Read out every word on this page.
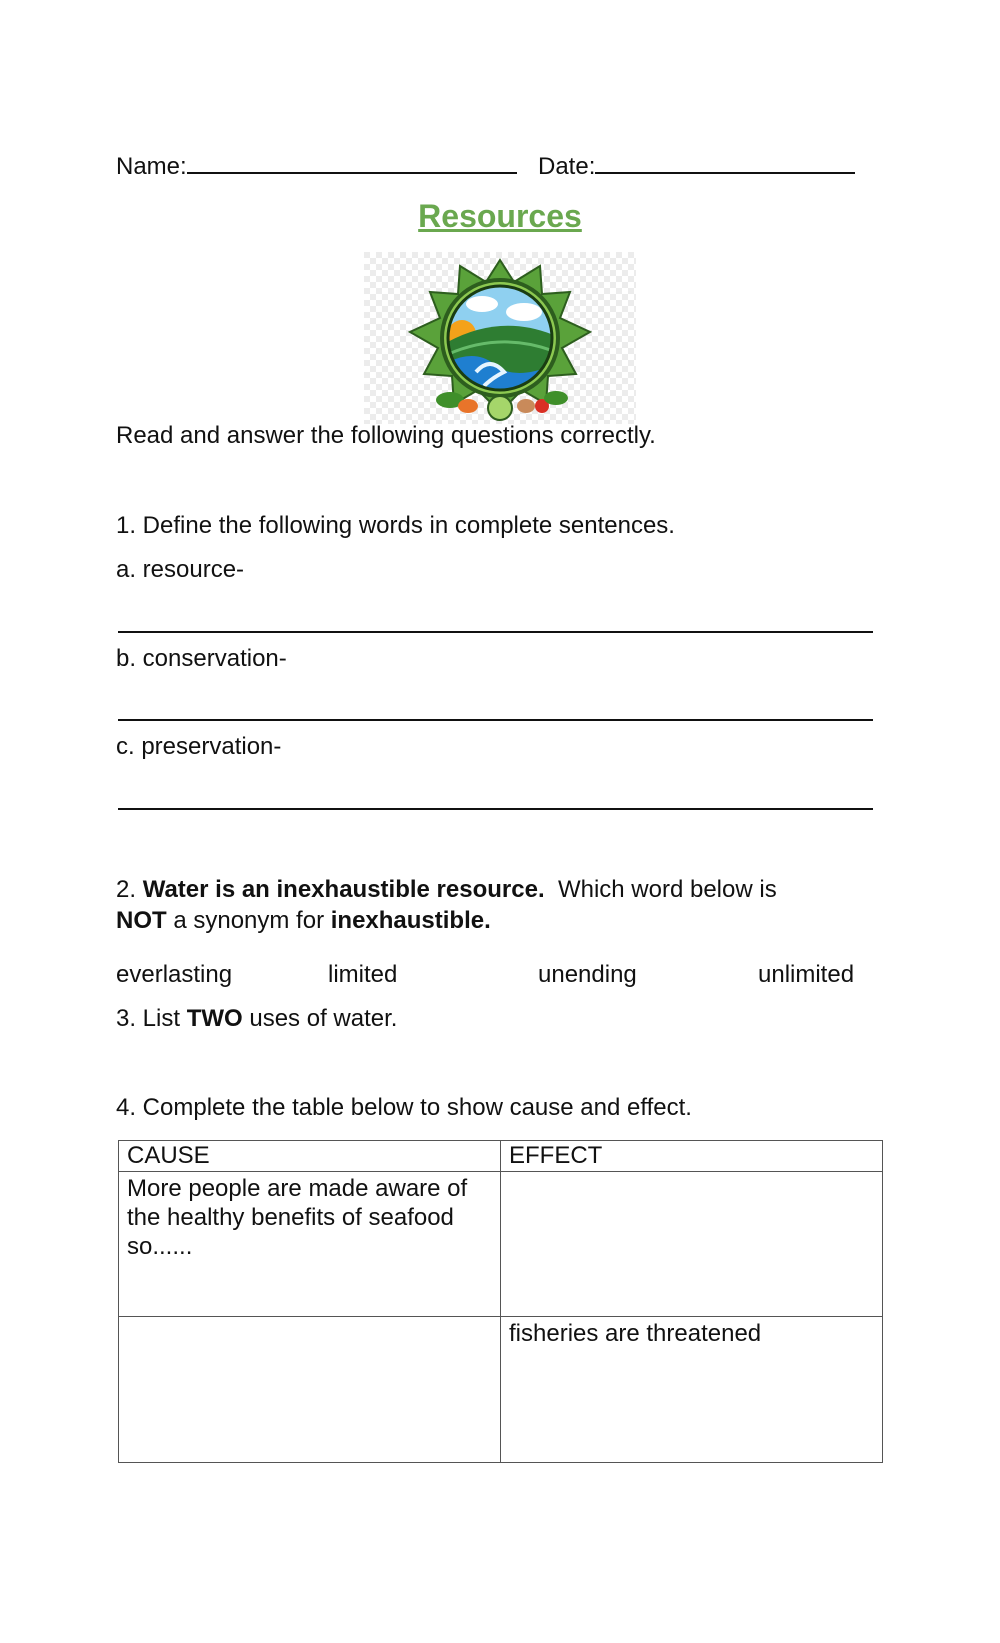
Name:	Date:
Resources
Read and answer the following questions correctly.
1. Define the following words in complete sentences.
a. resource-
b. conservation-
c. preservation-
2. Water is an inexhaustible resource.  Which word below is
NOT a synonym for inexhaustible.
everlasting	limited	unending	unlimited
3. List TWO uses of water.
4. Complete the table below to show cause and effect.
CAUSE	EFFECT
More people are made aware of the healthy benefits of seafood so......	
	fisheries are threatened
